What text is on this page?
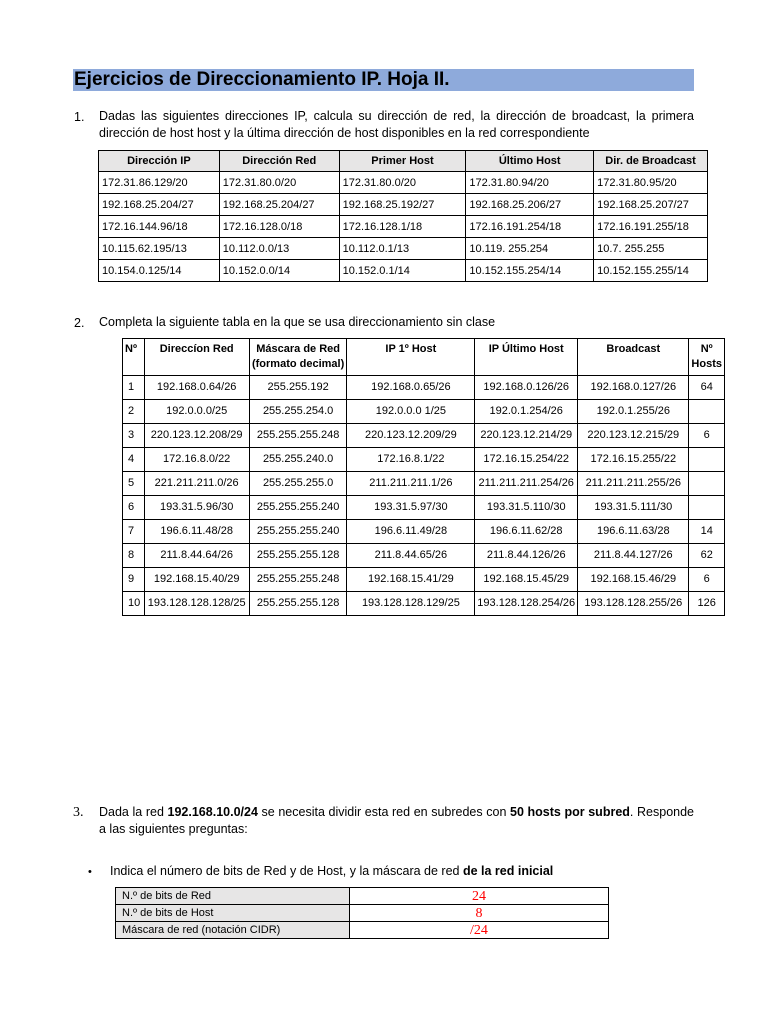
Ejercicios de Direccionamiento IP. Hoja II.
1. Dadas las siguientes direcciones IP, calcula su dirección de red, la dirección de broadcast, la primera dirección de host host y la última dirección de host disponibles en la red correspondiente
Dirección IP	Dirección Red	Primer Host	Último Host	Dir. de Broadcast
172.31.86.129/20	172.31.80.0/20	172.31.80.0/20	172.31.80.94/20	172.31.80.95/20
192.168.25.204/27	192.168.25.204/27	192.168.25.192/27	192.168.25.206/27	192.168.25.207/27
172.16.144.96/18	172.16.128.0/18	172.16.128.1/18	172.16.191.254/18	172.16.191.255/18
10.115.62.195/13	10.112.0.0/13	10.112.0.1/13	10.119. 255.254	10.7. 255.255
10.154.0.125/14	10.152.0.0/14	10.152.0.1/14	10.152.155.254/14	10.152.155.255/14
2. Completa la siguiente tabla en la que se usa direccionamiento sin clase
Nº	Direccíon Red	Máscara de Red (formato decimal)	IP 1º Host	IP Último Host	Broadcast	Nº Hosts
1	192.168.0.64/26	255.255.192	192.168.0.65/26	192.168.0.126/26	192.168.0.127/26	64
2	192.0.0.0/25	255.255.254.0	192.0.0.0 1/25	192.0.1.254/26	192.0.1.255/26	
3	220.123.12.208/29	255.255.255.248	220.123.12.209/29	220.123.12.214/29	220.123.12.215/29	6
4	172.16.8.0/22	255.255.240.0	172.16.8.1/22	172.16.15.254/22	172.16.15.255/22	
5	221.211.211.0/26	255.255.255.0	211.211.211.1/26	211.211.211.254/26	211.211.211.255/26	
6	193.31.5.96/30	255.255.255.240	193.31.5.97/30	193.31.5.110/30	193.31.5.111/30	
7	196.6.11.48/28	255.255.255.240	196.6.11.49/28	196.6.11.62/28	196.6.11.63/28	14
8	211.8.44.64/26	255.255.255.128	211.8.44.65/26	211.8.44.126/26	211.8.44.127/26	62
9	192.168.15.40/29	255.255.255.248	192.168.15.41/29	192.168.15.45/29	192.168.15.46/29	6
10	193.128.128.128/25	255.255.255.128	193.128.128.129/25	193.128.128.254/26	193.128.128.255/26	126
3. Dada la red 192.168.10.0/24 se necesita dividir esta red en subredes con 50 hosts por subred. Responde a las siguientes preguntas:
• Indica el número de bits de Red y de Host, y la máscara de red de la red inicial
N.º de bits de Red	24
N.º de bits de Host	8
Máscara de red (notación CIDR)	/24
